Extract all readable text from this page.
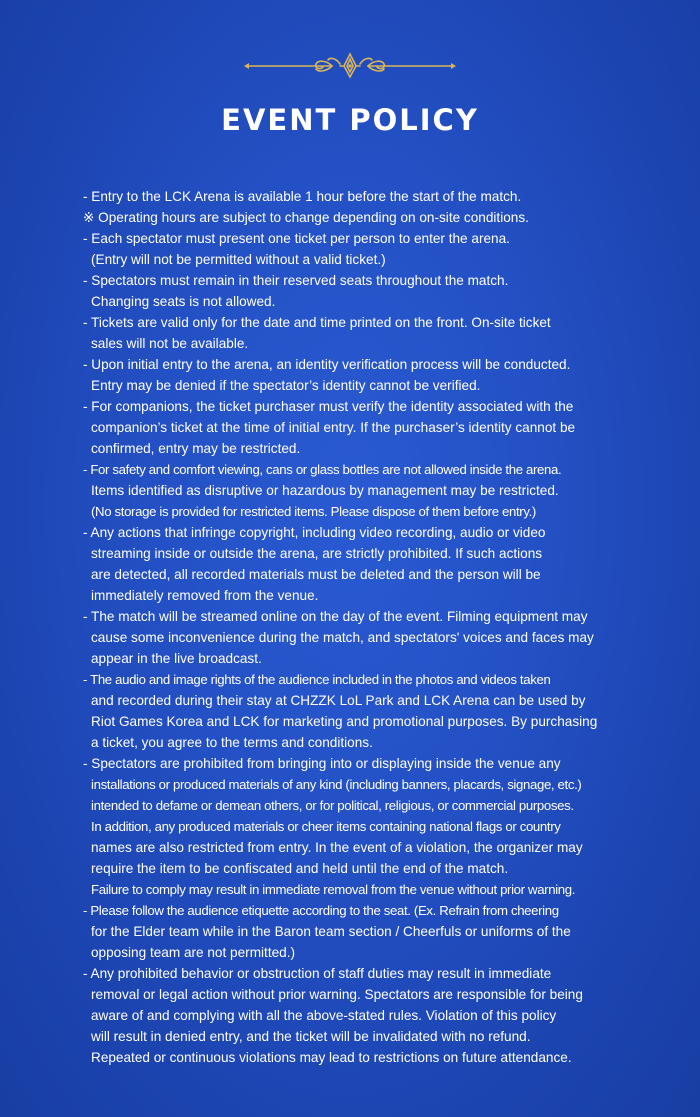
EVENT POLICY
- Entry to the LCK Arena is available 1 hour before the start of the match.
※ Operating hours are subject to change depending on on-site conditions.
- Each spectator must present one ticket per person to enter the arena.
(Entry will not be permitted without a valid ticket.)
- Spectators must remain in their reserved seats throughout the match.
Changing seats is not allowed.
- Tickets are valid only for the date and time printed on the front. On-site ticket
sales will not be available.
- Upon initial entry to the arena, an identity verification process will be conducted.
Entry may be denied if the spectator’s identity cannot be verified.
- For companions, the ticket purchaser must verify the identity associated with the
companion’s ticket at the time of initial entry. If the purchaser’s identity cannot be
confirmed, entry may be restricted.
- For safety and comfort viewing, cans or glass bottles are not allowed inside the arena.
Items identified as disruptive or hazardous by management may be restricted.
(No storage is provided for restricted items. Please dispose of them before entry.)
- Any actions that infringe copyright, including video recording, audio or video
streaming inside or outside the arena, are strictly prohibited. If such actions
are detected, all recorded materials must be deleted and the person will be
immediately removed from the venue.
- The match will be streamed online on the day of the event. Filming equipment may
cause some inconvenience during the match, and spectators' voices and faces may
appear in the live broadcast.
- The audio and image rights of the audience included in the photos and videos taken
and recorded during their stay at CHZZK LoL Park and LCK Arena can be used by
Riot Games Korea and LCK for marketing and promotional purposes. By purchasing
a ticket, you agree to the terms and conditions.
- Spectators are prohibited from bringing into or displaying inside the venue any
installations or produced materials of any kind (including banners, placards, signage, etc.)
intended to defame or demean others, or for political, religious, or commercial purposes.
In addition, any produced materials or cheer items containing national flags or country
names are also restricted from entry. In the event of a violation, the organizer may
require the item to be confiscated and held until the end of the match.
Failure to comply may result in immediate removal from the venue without prior warning.
- Please follow the audience etiquette according to the seat. (Ex. Refrain from cheering
for the Elder team while in the Baron team section / Cheerfuls or uniforms of the
opposing team are not permitted.)
- Any prohibited behavior or obstruction of staff duties may result in immediate
removal or legal action without prior warning. Spectators are responsible for being
aware of and complying with all the above-stated rules. Violation of this policy
will result in denied entry, and the ticket will be invalidated with no refund.
Repeated or continuous violations may lead to restrictions on future attendance.
